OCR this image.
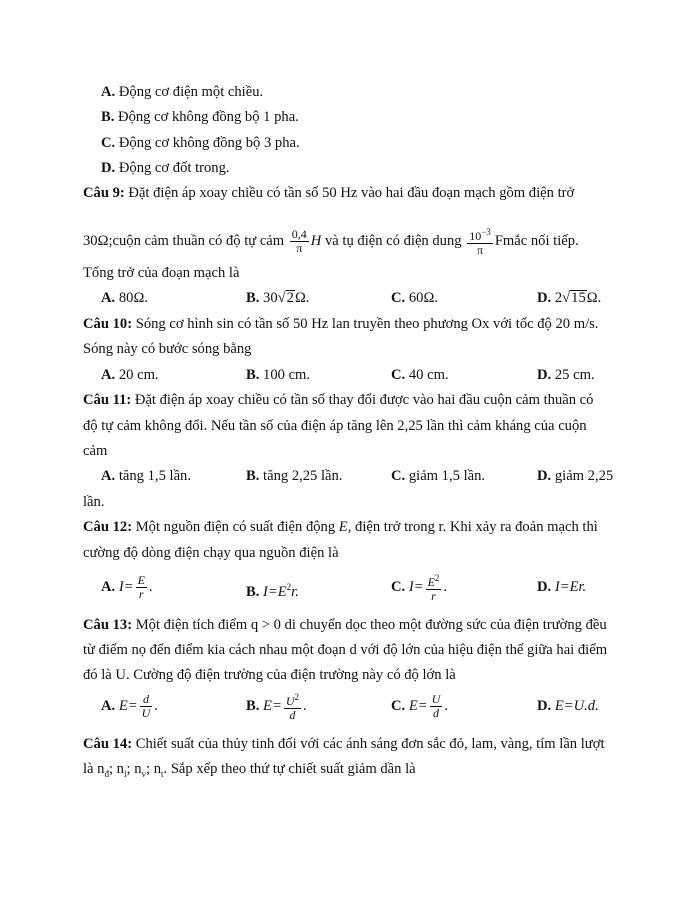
A. Động cơ điện một chiều.
B. Động cơ không đồng bộ 1 pha.
C. Động cơ không đồng bộ 3 pha.
D. Động cơ đốt trong.
Câu 9: Đặt điện áp xoay chiều có tần số 50 Hz vào hai đầu đoạn mạch gồm điện trở
30Ω;cuộn cảm thuần có độ tự cảm $\frac{0,4}{\pi}$ H và tụ điện có điện dung $\frac{10^{-3}}{\pi}$ Fmắc nối tiếp.
Tổng trở của đoạn mạch là
A. 80Ω.	B. 30√2Ω.	C. 60Ω.	D. 2√15Ω.
Câu 10: Sóng cơ hình sin có tần số 50 Hz lan truyền theo phương Ox với tốc độ 20 m/s.
Sóng này có bước sóng bằng
A. 20 cm.	B. 100 cm.	C. 40 cm.	D. 25 cm.
Câu 11: Đặt điện áp xoay chiều có tần số thay đổi được vào hai đầu cuộn cảm thuần có
độ tự cảm không đổi. Nếu tần số của điện áp tăng lên 2,25 lần thì cảm kháng của cuộn
cảm
A. tăng 1,5 lần.	B. tăng 2,25 lần.	C. giảm 1,5 lần.	D. giảm 2,25
lần.
Câu 12: Một nguồn điện có suất điện động E, điện trở trong r. Khi xảy ra đoản mạch thì
cường độ dòng điện chạy qua nguồn điện là
A. $I= \frac{E}{r}$ .	B. $I=E^2r$.	C. $I= \frac{E^2}{r}$ .	D. I=Er.
Câu 13: Một điện tích điểm q > 0 di chuyển dọc theo một đường sức của điện trường đều
từ điểm nọ đến điểm kia cách nhau một đoạn d với độ lớn của hiệu điện thế giữa hai điểm
đó là U. Cường độ điện trường của điện trường này có độ lớn là
A. $E= \frac{d}{U}$ .	B. $E= \frac{U^2}{d}$ .	C. $E= \frac{U}{d}$ .	D. E=U.d.
Câu 14: Chiết suất của thủy tinh đối với các ánh sáng đơn sắc đỏ, lam, vàng, tím lần lượt
là $n_đ$; $n_l$; $n_v$; $n_t$. Sắp xếp theo thứ tự chiết suất giảm dần là
